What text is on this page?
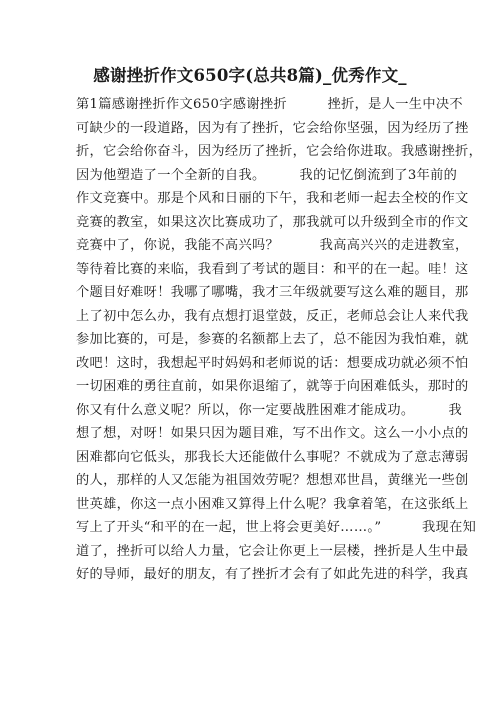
感谢挫折作文650字(总共8篇)_优秀作文_
第1篇感谢挫折作文650字感谢挫折　　　挫折，是人一生中决不
可缺少的一段道路，因为有了挫折，它会给你坚强，因为经历了挫
折，它会给你奋斗，因为经历了挫折，它会给你进取。我感谢挫折，
因为他塑造了一个全新的自我。　　　我的记忆倒流到了3年前的
作文竞赛中。那是个风和日丽的下午，我和老师一起去全校的作文
竞赛的教室，如果这次比赛成功了，那我就可以升级到全市的作文
竞赛中了，你说，我能不高兴吗？　　　我高高兴兴的走进教室，
等待着比赛的来临，我看到了考试的题目：和平的在一起。哇！这
个题目好难呀！我哪了哪嘴，我才三年级就要写这么难的题目，那
上了初中怎么办，我有点想打退堂鼓，反正，老师总会让人来代我
参加比赛的，可是，参赛的名额都上去了，总不能因为我怕难，就
改吧！这时，我想起平时妈妈和老师说的话：想要成功就必须不怕
一切困难的勇往直前，如果你退缩了，就等于向困难低头，那时的
你又有什么意义呢？所以，你一定要战胜困难才能成功。　　　我
想了想，对呀！如果只因为题目难，写不出作文。这么一小小点的
困难都向它低头，那我长大还能做什么事呢？不就成为了意志薄弱
的人，那样的人又怎能为祖国效劳呢？想想邓世昌，黄继光一些创
世英雄，你这一点小困难又算得上什么呢？我拿着笔，在这张纸上
写上了开头“和平的在一起，世上将会更美好……。”　　　我现在知
道了，挫折可以给人力量，它会让你更上一层楼，挫折是人生中最
好的导师，最好的朋友，有了挫折才会有了如此先进的科学，我真
